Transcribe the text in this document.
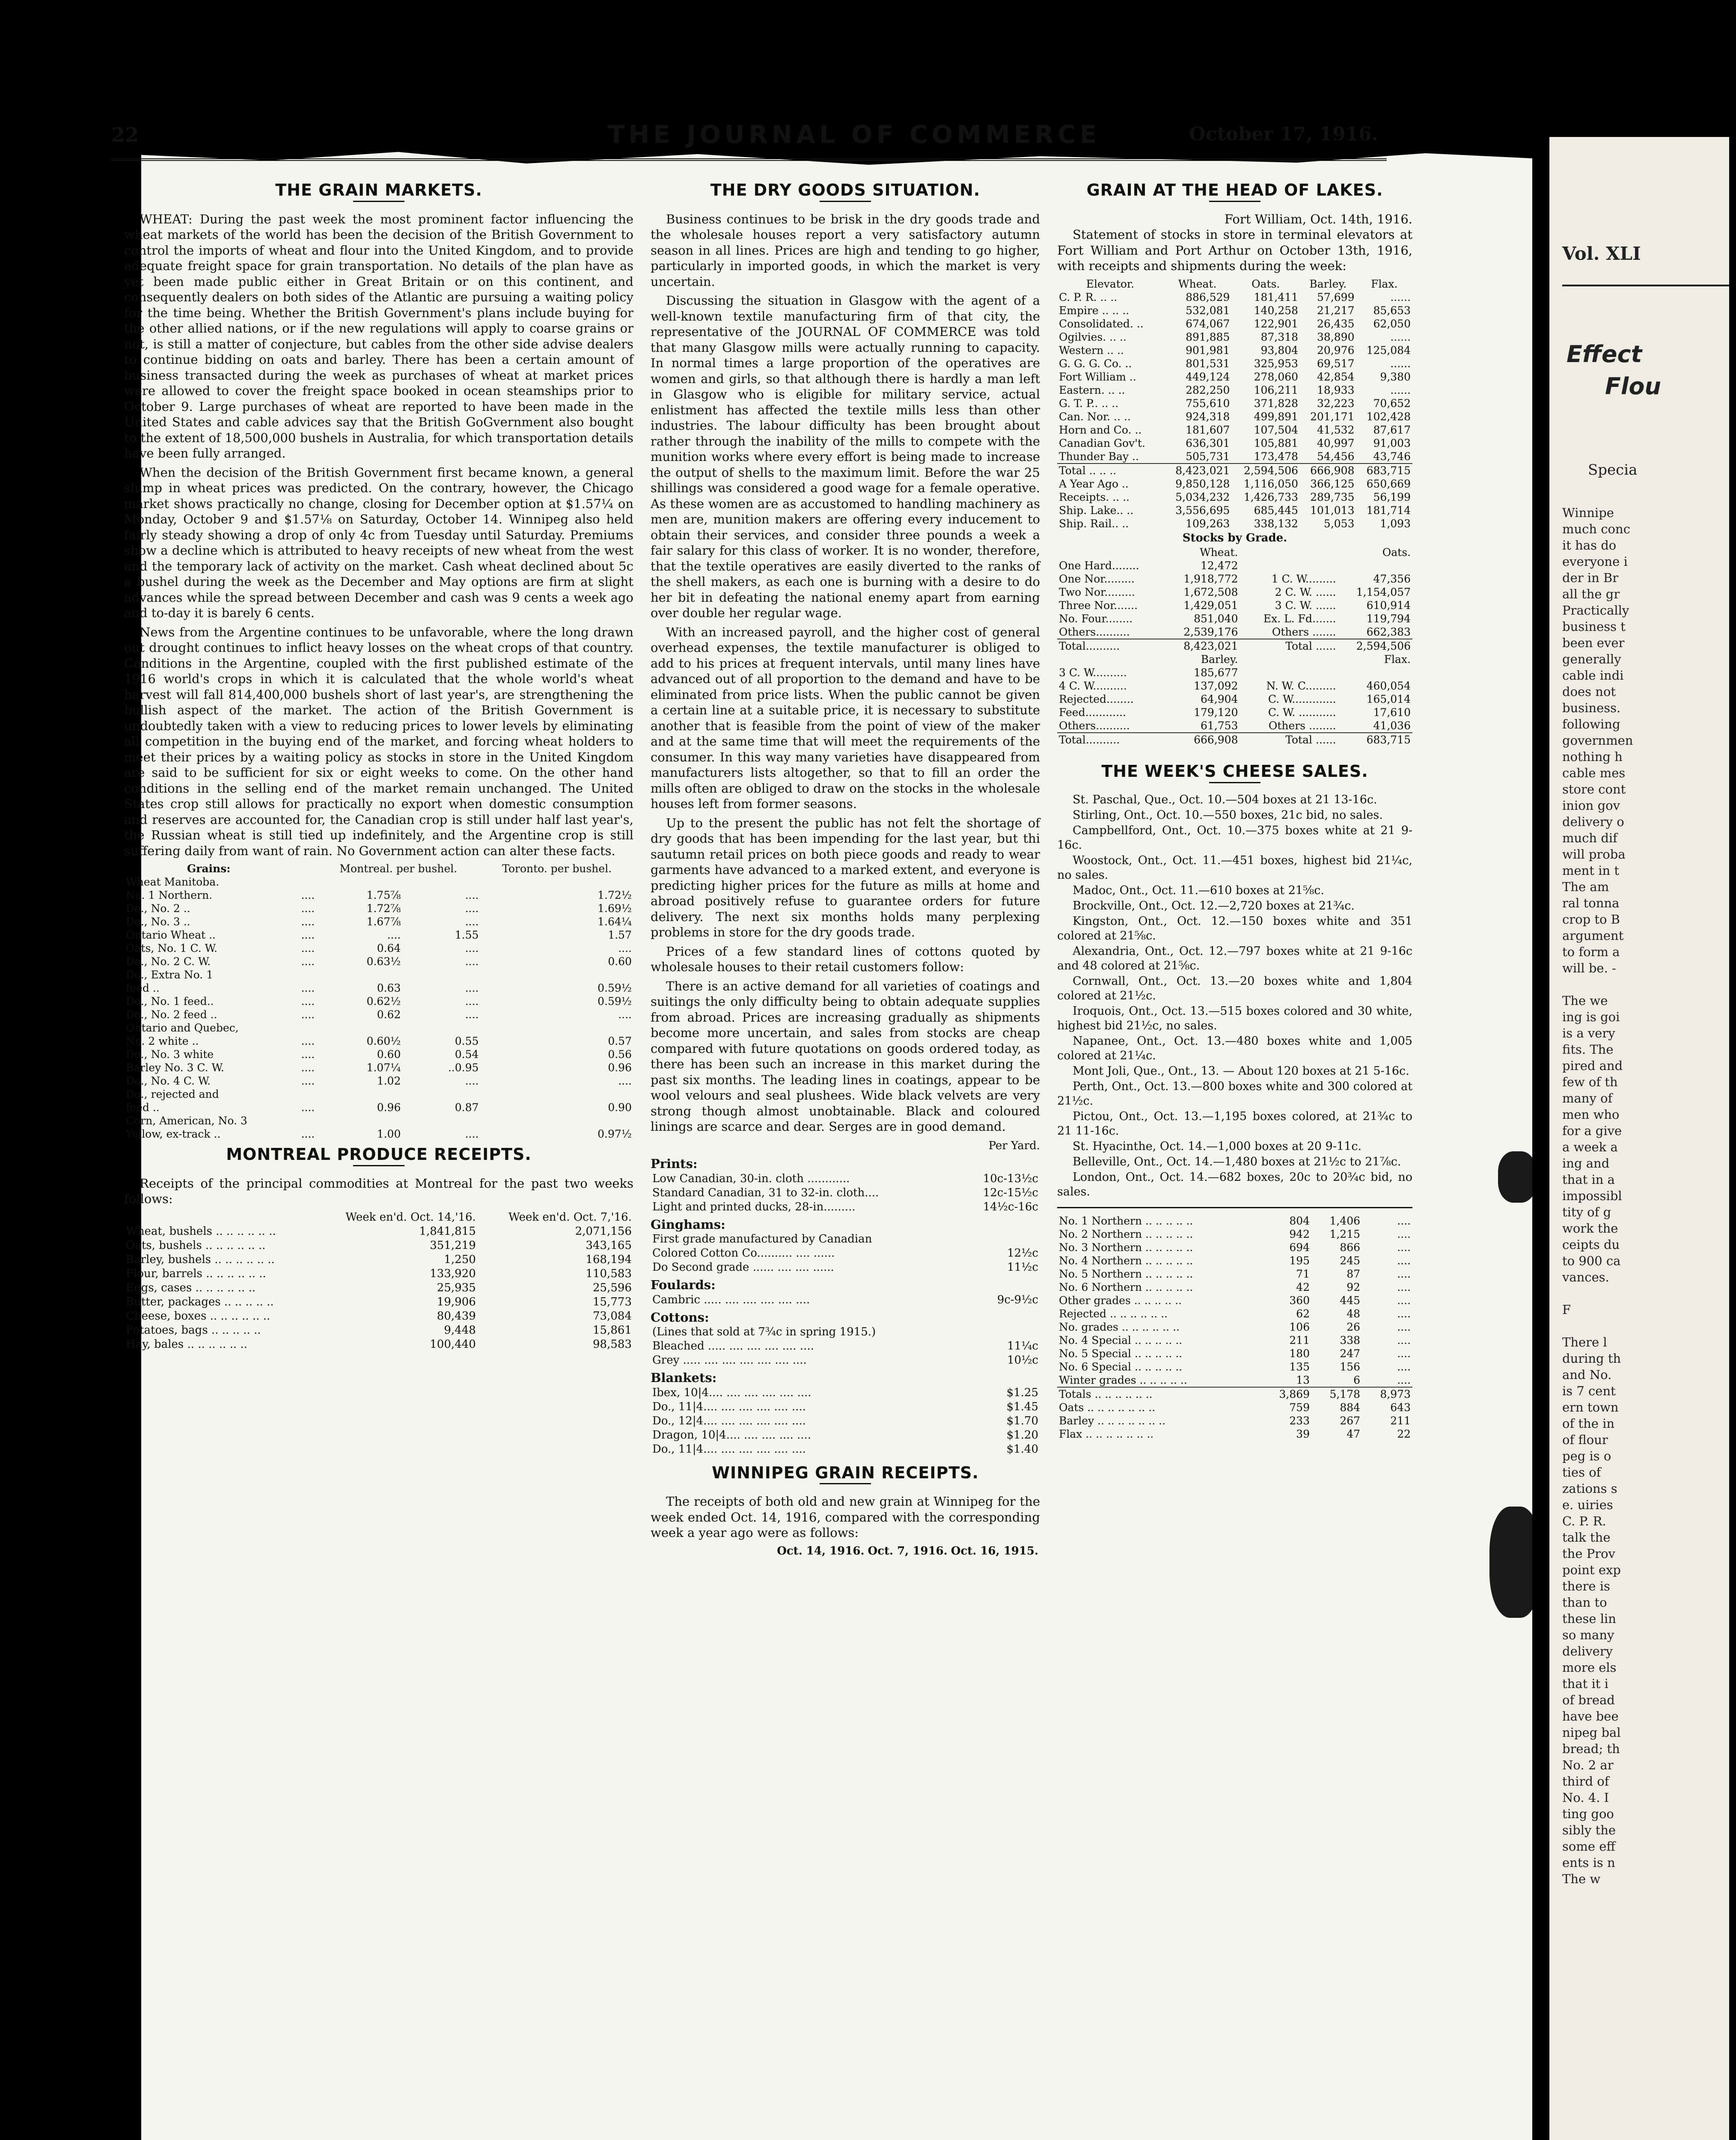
22	THE JOURNAL OF COMMERCE	October 17, 1916.
THE GRAIN MARKETS.

WHEAT: During the past week the most prominent factor influencing the wheat markets of the world has been the decision of the British Government to control the imports of wheat and flour into the United Kingdom, and to provide adequate freight space for grain transportation. No details of the plan have as yet been made public either in Great Britain or on this continent, and consequently dealers on both sides of the Atlantic are pursuing a waiting policy for the time being. Whether the British Government's plans include buying for the other allied nations, or if the new regulations will apply to coarse grains or not, is still a matter of conjecture, but cables from the other side advise dealers to continue bidding on oats and barley. There has been a certain amount of business transacted during the week as purchases of wheat at market prices were allowed to cover the freight space booked in ocean steamships prior to October 9. Large purchases of wheat are reported to have been made in the United States and cable advices say that the British GoGvernment also bought to the extent of 18,500,000 bushels in Australia, for which transportation details have been fully arranged.

When the decision of the British Government first became known, a general slump in wheat prices was predicted. On the contrary, however, the Chicago market shows practically no change, closing for December option at $1.57¼ on Monday, October 9 and $1.57⅛ on Saturday, October 14. Winnipeg also held fairly steady showing a drop of only 4c from Tuesday until Saturday. Premiums show a decline which is attributed to heavy receipts of new wheat from the west and the temporary lack of activity on the market. Cash wheat declined about 5c a bushel during the week as the December and May options are firm at slight advances while the spread between December and cash was 9 cents a week ago and to-day it is barely 6 cents.

News from the Argentine continues to be unfavorable, where the long drawn out drought continues to inflict heavy losses on the wheat crops of that country. Conditions in the Argentine, coupled with the first published estimate of the 1916 world's crops in which it is calculated that the whole world's wheat harvest will fall 814,400,000 bushels short of last year's, are strengthening the bullish aspect of the market. The action of the British Government is undoubtedly taken with a view to reducing prices to lower levels by eliminating all competition in the buying end of the market, and forcing wheat holders to meet their prices by a waiting policy as stocks in store in the United Kingdom are said to be sufficient for six or eight weeks to come. On the other hand conditions in the selling end of the market remain unchanged. The United States crop still allows for practically no export when domestic consumption and reserves are accounted for, the Canadian crop is still under half last year's, the Russian wheat is still tied up indefinitely, and the Argentine crop is still suffering daily from want of rain. No Government action can alter these facts.

Grains:		Montreal. per bushel.		Toronto. per bushel.
Wheat Manitoba.				
No. 1 Northern.	....	1.75⅞	....	1.72½
Do., No. 2 ..	....	1.72⅞	....	1.69½
Do., No. 3 ..	....	1.67⅞	....	1.64¼
Ontario Wheat ..	....	....	1.55	1.57
Oats, No. 1 C. W.	....	0.64	....	....
Do., No. 2 C. W.	....	0.63½	....	0.60
Do., Extra No. 1				
feed ..	....	0.63	....	0.59½
Do., No. 1 feed..	....	0.62½	....	0.59½
Do., No. 2 feed ..	....	0.62	....	....
Ontario and Quebec,				
No. 2 white ..	....	0.60½	0.55	0.57
Do., No. 3 white	....	0.60	0.54	0.56
Barley No. 3 C. W.	....	1.07¼	..0.95	0.96
Do., No. 4 C. W.	....	1.02	....	....
Do., rejected and				
feed ..	....	0.96	0.87	0.90
Corn, American, No. 3				
Yellow, ex-track ..	....	1.00	....	0.97½
MONTREAL PRODUCE RECEIPTS.

Receipts of the principal commodities at Montreal for the past two weeks follows:

	Week en'd. Oct. 14,'16.	Week en'd. Oct. 7,'16.
Wheat, bushels .. .. .. .. .. ..	1,841,815	2,071,156
Oats, bushels .. .. .. .. .. ..	351,219	343,165
Barley, bushels .. .. .. .. .. ..	1,250	168,194
Flour, barrels .. .. .. .. .. ..	133,920	110,583
Eggs, cases .. .. .. .. .. ..	25,935	25,596
Butter, packages .. .. .. .. ..	19,906	15,773
Cheese, boxes .. .. .. .. .. ..	80,439	73,084
Potatoes, bags .. .. .. .. ..	9,448	15,861
Hay, bales .. .. .. .. .. ..	100,440	98,583
THE DRY GOODS SITUATION.

Business continues to be brisk in the dry goods trade and the wholesale houses report a very satisfactory autumn season in all lines. Prices are high and tending to go higher, particularly in imported goods, in which the market is very uncertain.

Discussing the situation in Glasgow with the agent of a well-known textile manufacturing firm of that city, the representative of the JOURNAL OF COMMERCE was told that many Glasgow mills were actually running to capacity. In normal times a large proportion of the operatives are women and girls, so that although there is hardly a man left in Glasgow who is eligible for military service, actual enlistment has affected the textile mills less than other industries. The labour difficulty has been brought about rather through the inability of the mills to compete with the munition works where every effort is being made to increase the output of shells to the maximum limit. Before the war 25 shillings was considered a good wage for a female operative. As these women are as accustomed to handling machinery as men are, munition makers are offering every inducement to obtain their services, and consider three pounds a week a fair salary for this class of worker. It is no wonder, therefore, that the textile operatives are easily diverted to the ranks of the shell makers, as each one is burning with a desire to do her bit in defeating the national enemy apart from earning over double her regular wage.

With an increased payroll, and the higher cost of general overhead expenses, the textile manufacturer is obliged to add to his prices at frequent intervals, until many lines have advanced out of all proportion to the demand and have to be eliminated from price lists. When the public cannot be given a certain line at a suitable price, it is necessary to substitute another that is feasible from the point of view of the maker and at the same time that will meet the requirements of the consumer. In this way many varieties have disappeared from manufacturers lists altogether, so that to fill an order the mills often are obliged to draw on the stocks in the wholesale houses left from former seasons.

Up to the present the public has not felt the shortage of dry goods that has been impending for the last year, but thi sautumn retail prices on both piece goods and ready to wear garments have advanced to a marked extent, and everyone is predicting higher prices for the future as mills at home and abroad positively refuse to guarantee orders for future delivery. The next six months holds many perplexing problems in store for the dry goods trade.

Prices of a few standard lines of cottons quoted by wholesale houses to their retail customers follow:

There is an active demand for all varieties of coatings and suitings the only difficulty being to obtain adequate supplies from abroad. Prices are increasing gradually as shipments become more uncertain, and sales from stocks are cheap compared with future quotations on goods ordered today, as there has been such an increase in this market during the past six months. The leading lines in coatings, appear to be wool velours and seal plushees. Wide black velvets are very strong though almost unobtainable. Black and coloured linings are scarce and dear. Serges are in good demand.

Per Yard.
Prints:
Low Canadian, 30-in. cloth ............	10c-13½c
Standard Canadian, 31 to 32-in. cloth....	12c-15½c
Light and printed ducks, 28-in.........	14½c-16c
Ginghams:
First grade manufactured by Canadian	
Colored Cotton Co.......... .... ......	12½c
Do Second grade ...... .... .... ......	11½c
Foulards:
Cambric ..... .... .... .... .... ....	9c-9½c
Cottons:
(Lines that sold at 7¾c in spring 1915.)	
Bleached ..... .... .... .... .... ....	11¼c
Grey ..... .... .... .... .... .... ....	10½c
Blankets:
Ibex, 10|4.... .... .... .... .... ....	$1.25
Do., 11|4.... .... .... .... .... ....	$1.45
Do., 12|4.... .... .... .... .... ....	$1.70
Dragon, 10|4.... .... .... .... ....	$1.20
Do., 11|4.... .... .... .... .... ....	$1.40
WINNIPEG GRAIN RECEIPTS.

The receipts of both old and new grain at Winnipeg for the week ended Oct. 14, 1916, compared with the corresponding week a year ago were as follows:

	Oct. 14, 1916.	Oct. 7, 1916.	Oct. 16, 1915.
GRAIN AT THE HEAD OF LAKES.
Fort William, Oct. 14th, 1916.

Statement of stocks in store in terminal elevators at Fort William and Port Arthur on October 13th, 1916, with receipts and shipments during the week:

Elevator.	Wheat.	Oats.	Barley.	Flax.
C. P. R. .. ..	886,529	181,411	57,699	......
Empire .. .. ..	532,081	140,258	21,217	85,653
Consolidated. ..	674,067	122,901	26,435	62,050
Ogilvies. .. ..	891,885	87,318	38,890	......
Western .. ..	901,981	93,804	20,976	125,084
G. G. G. Co. ..	801,531	325,953	69,517	......
Fort William ..	449,124	278,060	42,854	9,380
Eastern. .. ..	282,250	106,211	18,933	......
G. T. P.. .. ..	755,610	371,828	32,223	70,652
Can. Nor. .. ..	924,318	499,891	201,171	102,428
Horn and Co. ..	181,607	107,504	41,532	87,617
Canadian Gov't.	636,301	105,881	40,997	91,003
Thunder Bay ..	505,731	173,478	54,456	43,746
Total .. .. ..	8,423,021	2,594,506	666,908	683,715
A Year Ago ..	9,850,128	1,116,050	366,125	650,669
Receipts. .. ..	5,034,232	1,426,733	289,735	56,199
Ship. Lake.. ..	3,556,695	685,445	101,013	181,714
Ship. Rail.. ..	109,263	338,132	5,053	1,093
Stocks by Grade.
	Wheat.		Oats.
One Hard........	12,472		
One Nor.........	1,918,772	1 C. W.........	47,356
Two Nor.........	1,672,508	2 C. W. ......	1,154,057
Three Nor.......	1,429,051	3 C. W. ......	610,914
No. Four........	851,040	Ex. L. Fd.......	119,794
Others..........	2,539,176	Others .......	662,383
Total..........	8,423,021	Total ......	2,594,506
	Barley.		Flax.
3 C. W..........	185,677		
4 C. W..........	137,092	N. W. C.........	460,054
Rejected........	64,904	C. W.............	165,014
Feed............	179,120	C. W. ...........	17,610
Others..........	61,753	Others ........	41,036
Total..........	666,908	Total ......	683,715
THE WEEK'S CHEESE SALES.

St. Paschal, Que., Oct. 10.—504 boxes at 21 13-16c.

Stirling, Ont., Oct. 10.—550 boxes, 21c bid, no sales.

Campbellford, Ont., Oct. 10.—375 boxes white at 21 9-16c.

Woostock, Ont., Oct. 11.—451 boxes, highest bid 21¼c, no sales.

Madoc, Ont., Oct. 11.—610 boxes at 21⅝c.

Brockville, Ont., Oct. 12.—2,720 boxes at 21¾c.

Kingston, Ont., Oct. 12.—150 boxes white and 351 colored at 21⅝c.

Alexandria, Ont., Oct. 12.—797 boxes white at 21 9-16c and 48 colored at 21⅝c.

Cornwall, Ont., Oct. 13.—20 boxes white and 1,804 colored at 21½c.

Iroquois, Ont., Oct. 13.—515 boxes colored and 30 white, highest bid 21½c, no sales.

Napanee, Ont., Oct. 13.—480 boxes white and 1,005 colored at 21¼c.

Mont Joli, Que., Ont., 13. — About 120 boxes at 21 5-16c.

Perth, Ont., Oct. 13.—800 boxes white and 300 colored at 21½c.

Pictou, Ont., Oct. 13.—1,195 boxes colored, at 21¾c to 21 11-16c.

St. Hyacinthe, Oct. 14.—1,000 boxes at 20 9-11c.

Belleville, Ont., Oct. 14.—1,480 boxes at 21½c to 21⅞c.

London, Ont., Oct. 14.—682 boxes, 20c to 20¾c bid, no sales.

No. 1 Northern .. .. .. .. ..	804	1,406	....
No. 2 Northern .. .. .. .. ..	942	1,215	....
No. 3 Northern .. .. .. .. ..	694	866	....
No. 4 Northern .. .. .. .. ..	195	245	....
No. 5 Northern .. .. .. .. ..	71	87	....
No. 6 Northern .. .. .. .. ..	42	92	....
Other grades .. .. .. .. ..	360	445	....
Rejected .. .. .. .. .. ..	62	48	....
No. grades .. .. .. .. .. ..	106	26	....
No. 4 Special .. .. .. .. ..	211	338	....
No. 5 Special .. .. .. .. ..	180	247	....
No. 6 Special .. .. .. .. ..	135	156	....
Winter grades .. .. .. .. ..	13	6	....
Totals .. .. .. .. .. ..	3,869	5,178	8,973
Oats .. .. .. .. .. .. ..	759	884	643
Barley .. .. .. .. .. .. ..	233	267	211
Flax .. .. .. .. .. .. ..	39	47	22
Vol. XLI
Effect
Flou
Specia
Winnipe
much conc
it has do
everyone i
der in Br
all the gr
Practically
business t
been ever
generally
cable indi
does not
business.
following
governmen
nothing h
cable mes
store cont
inion gov
delivery o
much dif
will proba
ment in t
The am
ral tonna
crop to B
argument
to form a
will be. -
The we
ing is goi
is a very
fits. The
pired and
few of th
many of
men who
for a give
a week a
ing and
that in a
impossibl
tity of g
work the
ceipts du
to 900 ca
vances.
F
There l
during th
and No.
is 7 cent
ern town
of the in
of flour
peg is o
ties of
zations s
e. uiries
C. P. R.
talk the
the Prov
point exp
there is
than to
these lin
so many
delivery
more els
that it i
of bread
have bee
nipeg bal
bread; th
No. 2 ar
third of
No. 4. I
ting goo
sibly the
some eff
ents is n
The w
